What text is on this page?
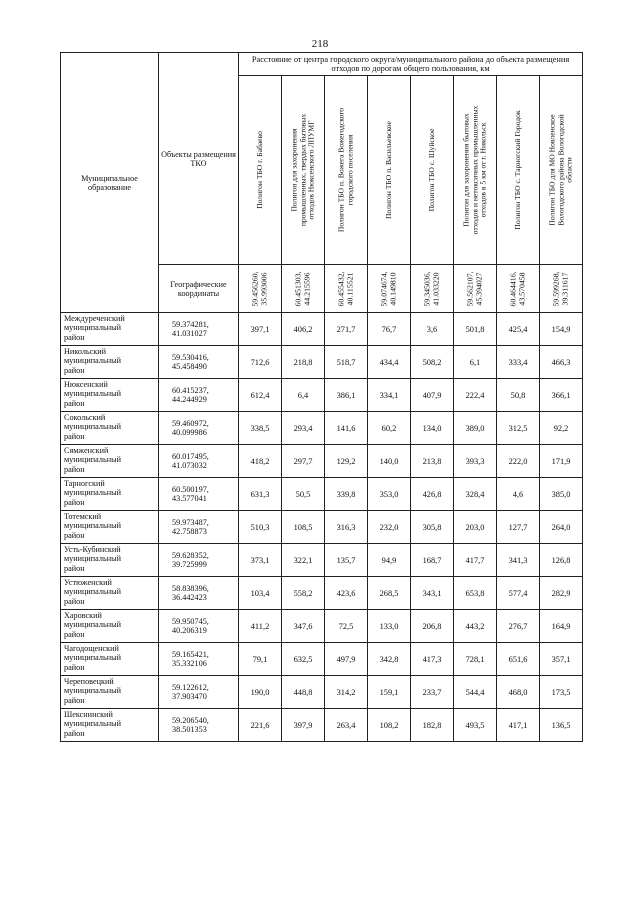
218
Муниципальное образование	Объекты размещения ТКО	Расстояние от центра городского округа/муниципального района до объекта размещения отходов по дорогам общего пользования, км							

		Полигон ТБО г. Бабаево	Полигон для захоронения
промышленных, твердых бытовых
отходов Нюксенского ЛПУМГ	Полигон ТБО п. Вожега Вожегодского
городского поселения	Полигон ТБО п. Васильевское	Полигон ТБО с. Шуйское	Полигон для захоронения бытовых
отходов и нетоксичных промышленных
отходов в 5 км от г. Никольск	Полигон ТБО с. Тарногский Городок	Полигон ТБО для МО Новленское
Вологодского района Вологодской
области

	Географические координаты	59.456260,
35.993006	60.451303,
44.215596	60.455432,
40.115521	59.074674,
40.149810	59.345036,
41.033220	59.562107,
45.394027	60.464416,
43.570458	59.599268,
39.311617

Междуреченский
муниципальный
район	59.374281,
41.031027	397,1	406,2	271,7	76,7	3,6	501,8	425,4	154,9
Никольский
муниципальный
район	59.530416,
45.458490	712,6	218,8	518,7	434,4	508,2	6,1	333,4	466,3
Нюксенский
муниципальный
район	60.415237,
44.244929	612,4	6,4	386,1	334,1	407,9	222,4	50,8	366,1
Сокольский
муниципальный
район	59.460972,
40.099986	338,5	293,4	141,6	60,2	134,0	389,0	312,5	92,2
Сямженский
муниципальный
район	60.017495,
41.073032	418,2	297,7	129,2	140,0	213,8	393,3	222,0	171,9
Тарногский
муниципальный
район	60.500197,
43.577041	631,3	50,5	339,8	353,0	426,8	328,4	4,6	385,0
Тотемский
муниципальный
район	59.973487,
42.758873	510,3	108,5	316,3	232,0	305,8	203,0	127,7	264,0
Усть-Кубинский
муниципальный
район	59.628352,
39.725999	373,1	322,1	135,7	94,9	168,7	417,7	341,3	126,8
Устюженский
муниципальный
район	58.838396,
36.442423	103,4	558,2	423,6	268,5	343,1	653,8	577,4	282,9
Харовский
муниципальный
район	59.950745,
40.206319	411,2	347,6	72,5	133,0	206,8	443,2	276,7	164,9
Чагодощенский
муниципальный
район	59.165421,
35.332106	79,1	632,5	497,9	342,8	417,3	728,1	651,6	357,1
Череповецкий
муниципальный
район	59.122612,
37.903470	190,0	448,8	314,2	159,1	233,7	544,4	468,0	173,5
Шекснинский
муниципальный
район	59.206540,
38.501353	221,6	397,9	263,4	108,2	182,8	493,5	417,1	136,5
